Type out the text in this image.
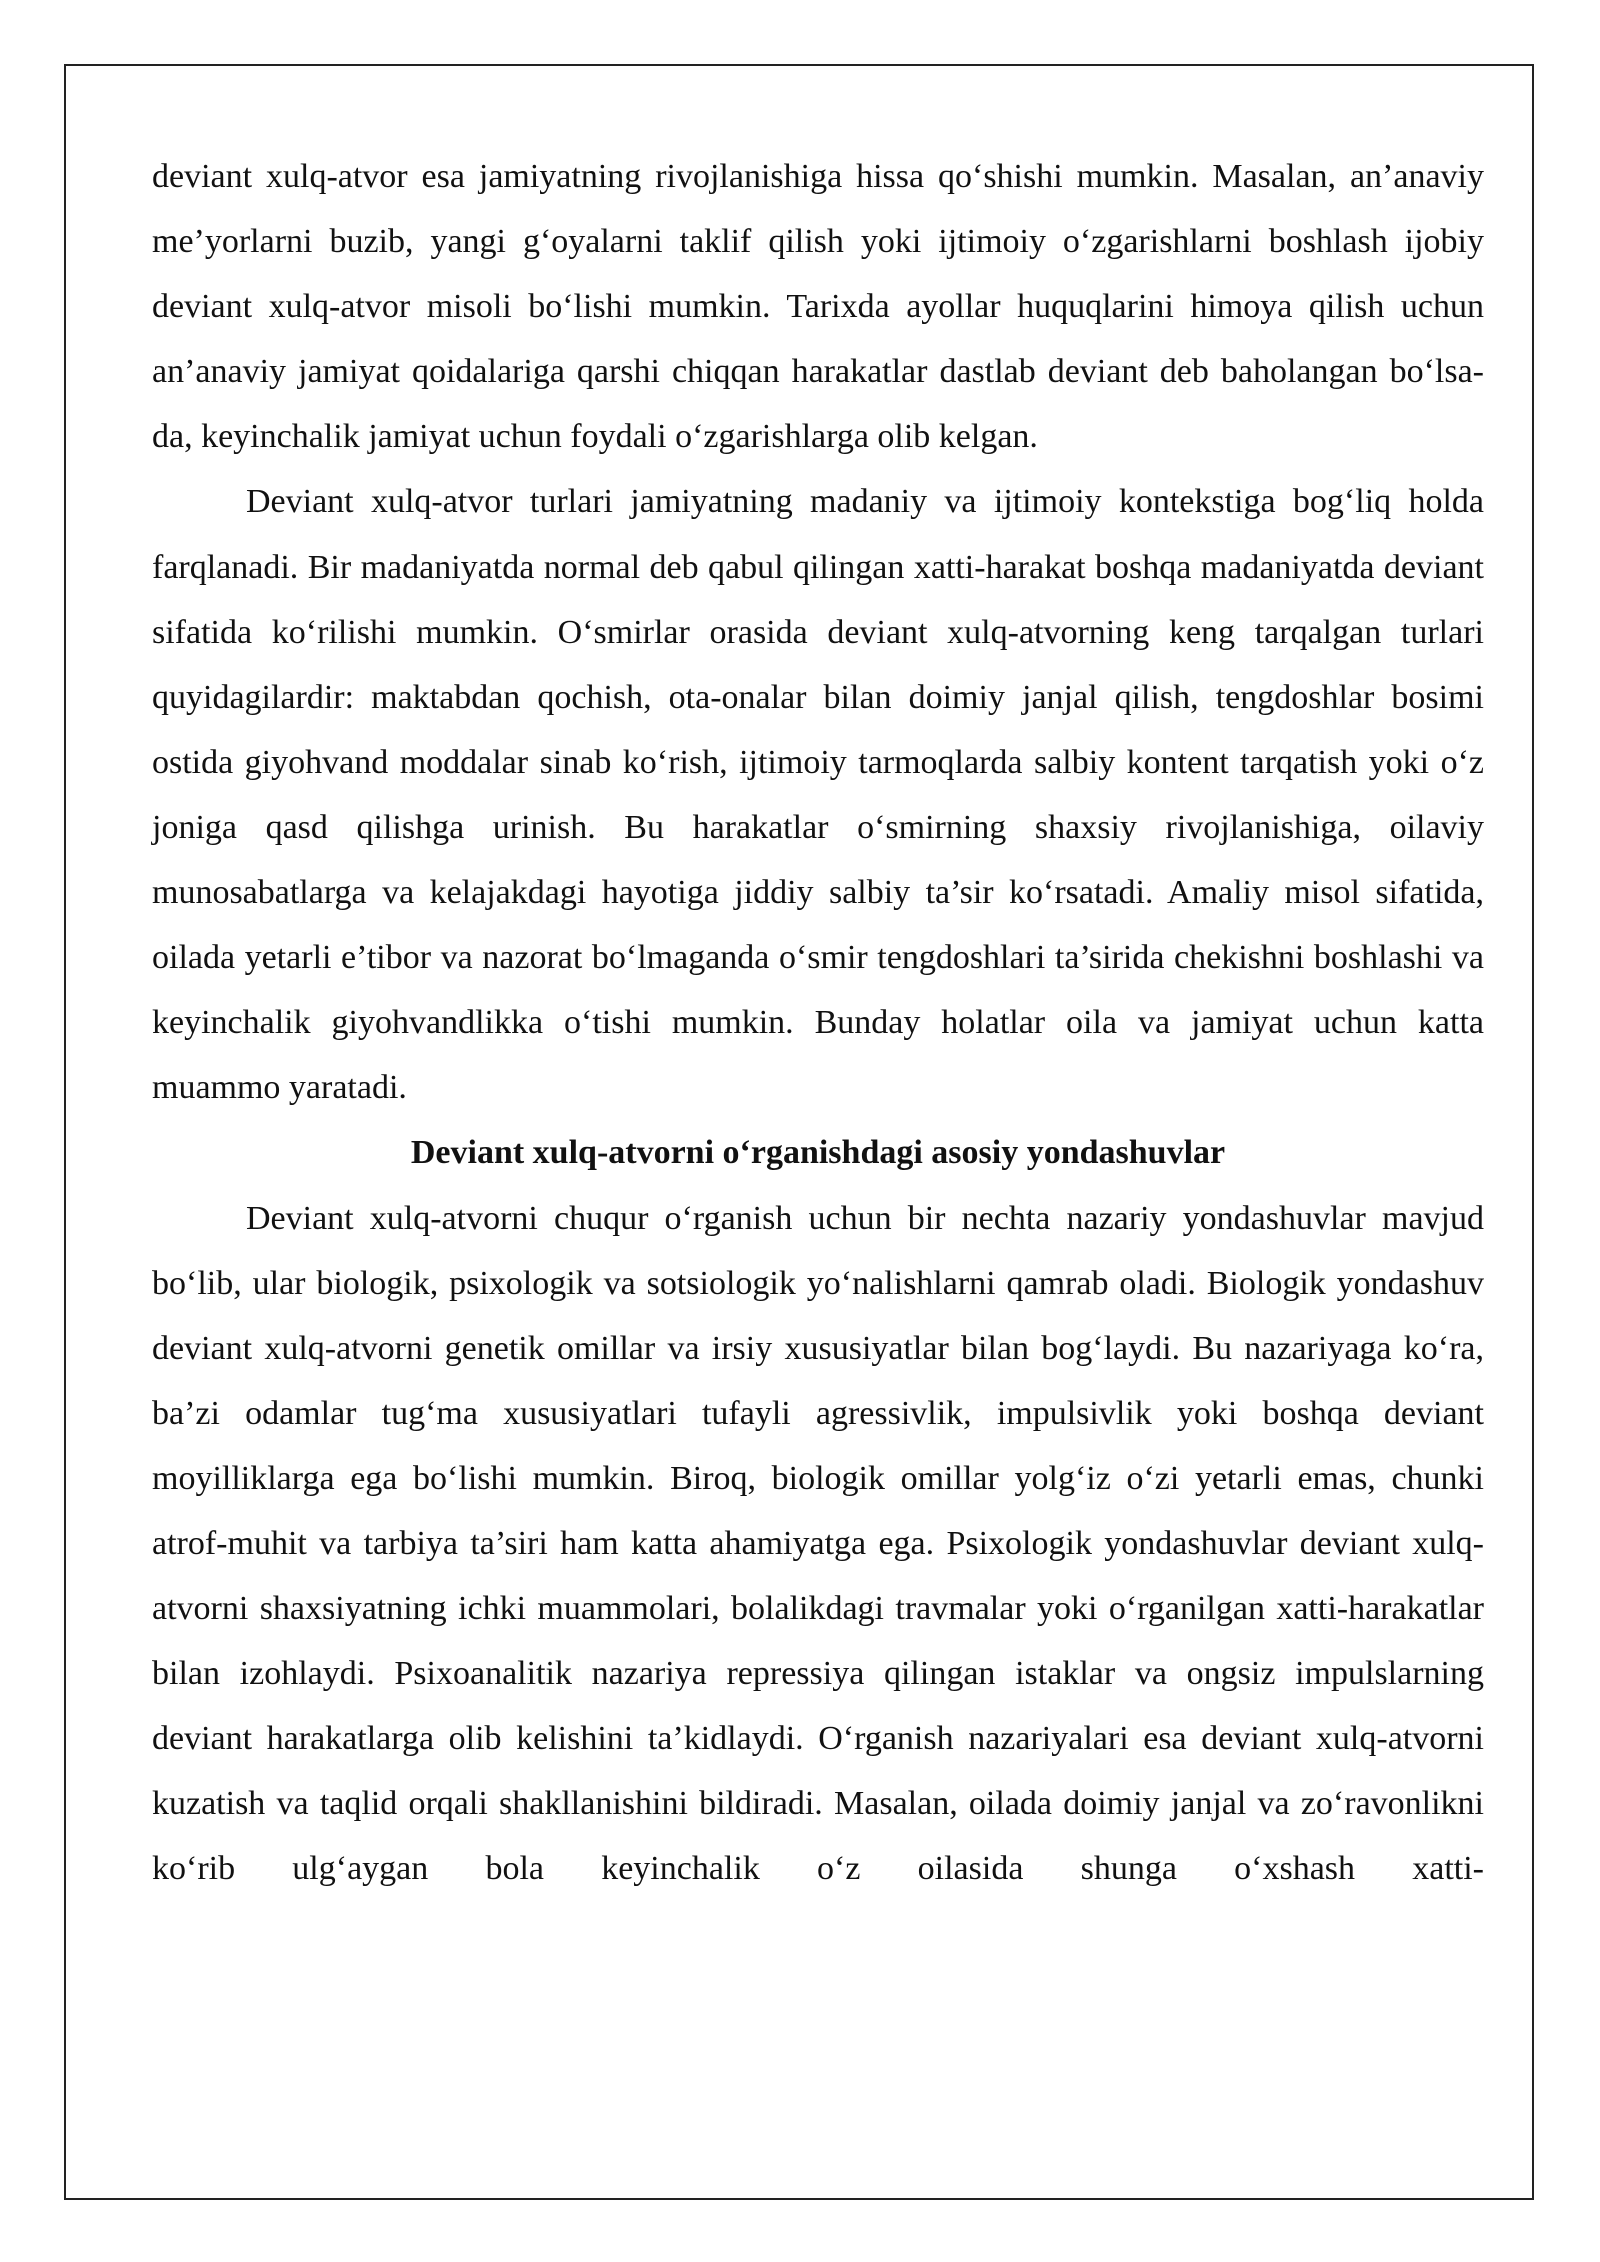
deviant xulq-atvor esa jamiyatning rivojlanishiga hissa qo‘shishi mumkin. Masalan, an’anaviy me’yorlarni buzib, yangi g‘oyalarni taklif qilish yoki ijtimoiy o‘zgarishlarni boshlash ijobiy deviant xulq-atvor misoli bo‘lishi mumkin. Tarixda ayollar huquqlarini himoya qilish uchun an’anaviy jamiyat qoidalariga qarshi chiqqan harakatlar dastlab deviant deb baholangan bo‘lsa-da, keyinchalik jamiyat uchun foydali o‘zgarishlarga olib kelgan.

Deviant xulq-atvor turlari jamiyatning madaniy va ijtimoiy kontekstiga bog‘liq holda farqlanadi. Bir madaniyatda normal deb qabul qilingan xatti-harakat boshqa madaniyatda deviant sifatida ko‘rilishi mumkin. O‘smirlar orasida deviant xulq-atvorning keng tarqalgan turlari quyidagilardir: maktabdan qochish, ota-onalar bilan doimiy janjal qilish, tengdoshlar bosimi ostida giyohvand moddalar sinab ko‘rish, ijtimoiy tarmoqlarda salbiy kontent tarqatish yoki o‘z joniga qasd qilishga urinish. Bu harakatlar o‘smirning shaxsiy rivojlanishiga, oilaviy munosabatlarga va kelajakdagi hayotiga jiddiy salbiy ta’sir ko‘rsatadi. Amaliy misol sifatida, oilada yetarli e’tibor va nazorat bo‘lmaganda o‘smir tengdoshlari ta’sirida chekishni boshlashi va keyinchalik giyohvandlikka o‘tishi mumkin. Bunday holatlar oila va jamiyat uchun katta muammo yaratadi.

Deviant xulq-atvorni o‘rganishdagi asosiy yondashuvlar

Deviant xulq-atvorni chuqur o‘rganish uchun bir nechta nazariy yondashuvlar mavjud bo‘lib, ular biologik, psixologik va sotsiologik yo‘nalishlarni qamrab oladi. Biologik yondashuv deviant xulq-atvorni genetik omillar va irsiy xususiyatlar bilan bog‘laydi. Bu nazariyaga ko‘ra, ba’zi odamlar tug‘ma xususiyatlari tufayli agressivlik, impulsivlik yoki boshqa deviant moyilliklarga ega bo‘lishi mumkin. Biroq, biologik omillar yolg‘iz o‘zi yetarli emas, chunki atrof-muhit va tarbiya ta’siri ham katta ahamiyatga ega. Psixologik yondashuvlar deviant xulq-atvorni shaxsiyatning ichki muammolari, bolalikdagi travmalar yoki o‘rganilgan xatti-harakatlar bilan izohlaydi. Psixoanalitik nazariya repressiya qilingan istaklar va ongsiz impulslarning deviant harakatlarga olib kelishini ta’kidlaydi. O‘rganish nazariyalari esa deviant xulq-atvorni kuzatish va taqlid orqali shakllanishini bildiradi. Masalan, oilada doimiy janjal va zo‘ravonlikni ko‘rib ulg‘aygan bola keyinchalik o‘z oilasida shunga o‘xshash xatti-
